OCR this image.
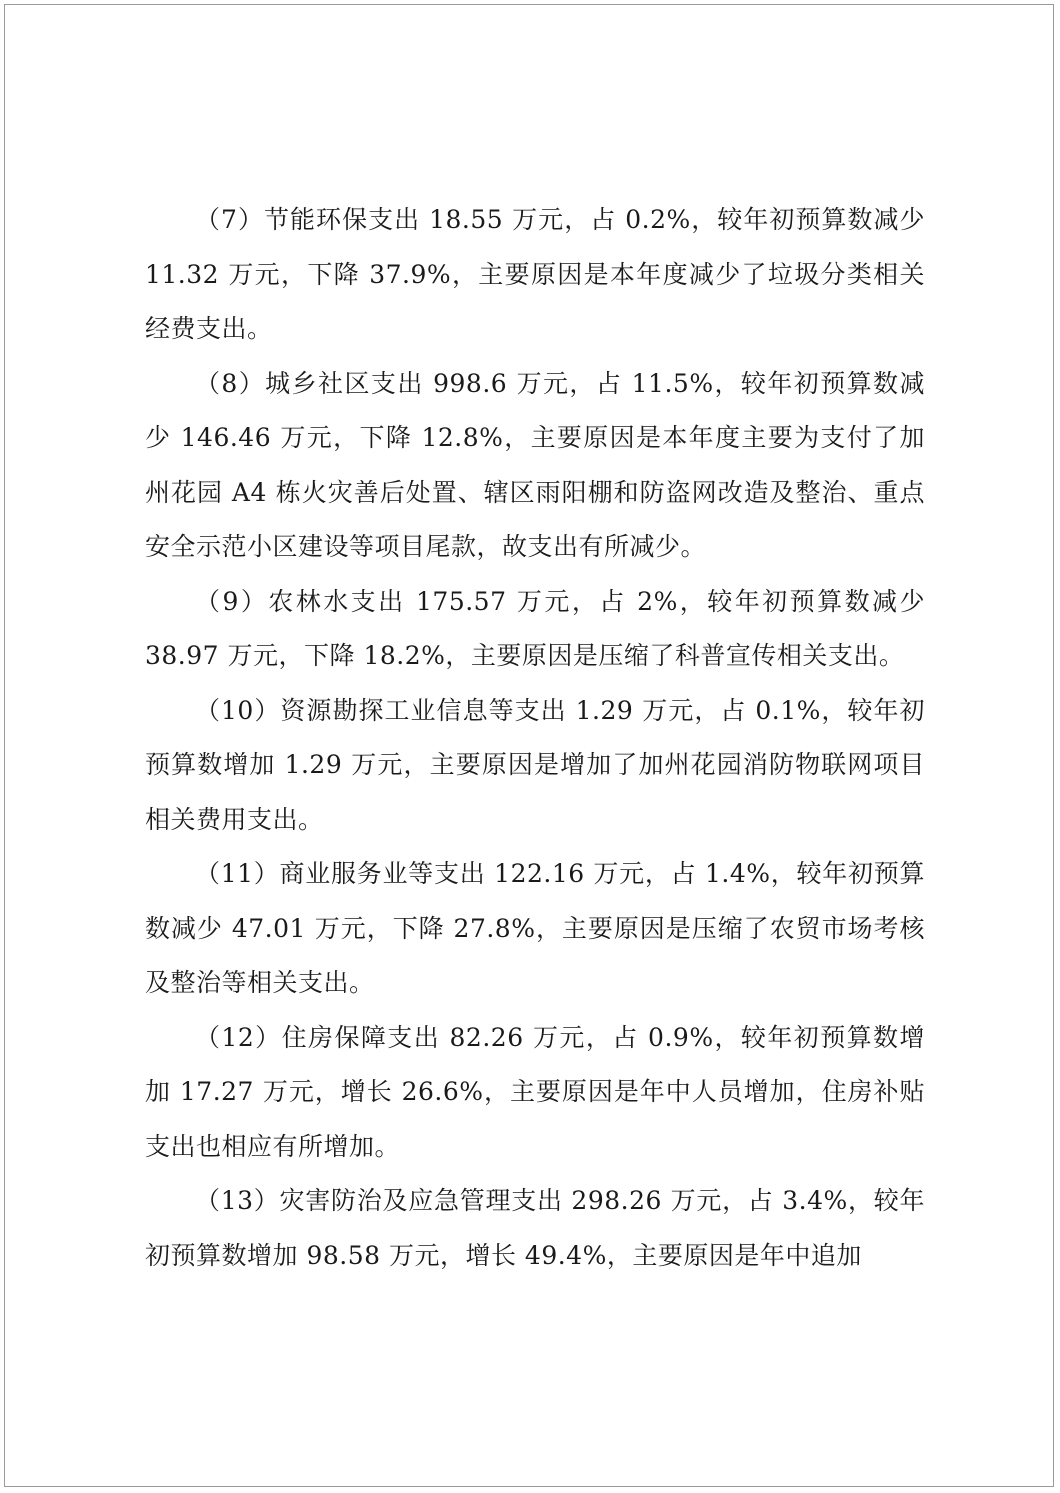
（7）节能环保支出 18.55 万元，占 0.2%，较年初预算数减少 11.32 万元，下降 37.9%，主要原因是本年度减少了垃圾分类相关经费支出。

（8）城乡社区支出 998.6 万元，占 11.5%，较年初预算数减少 146.46 万元，下降 12.8%，主要原因是本年度主要为支付了加州花园 A4 栋火灾善后处置、辖区雨阳棚和防盗网改造及整治、重点安全示范小区建设等项目尾款，故支出有所减少。

（9）农林水支出 175.57 万元，占 2%，较年初预算数减少 38.97 万元，下降 18.2%，主要原因是压缩了科普宣传相关支出。

（10）资源勘探工业信息等支出 1.29 万元，占 0.1%，较年初预算数增加 1.29 万元，主要原因是增加了加州花园消防物联网项目相关费用支出。

（11）商业服务业等支出 122.16 万元，占 1.4%，较年初预算数减少 47.01 万元，下降 27.8%，主要原因是压缩了农贸市场考核及整治等相关支出。

（12）住房保障支出 82.26 万元，占 0.9%，较年初预算数增加 17.27 万元，增长 26.6%，主要原因是年中人员增加，住房补贴支出也相应有所增加。

（13）灾害防治及应急管理支出 298.26 万元，占 3.4%，较年初预算数增加 98.58 万元，增长 49.4%，主要原因是年中追加
